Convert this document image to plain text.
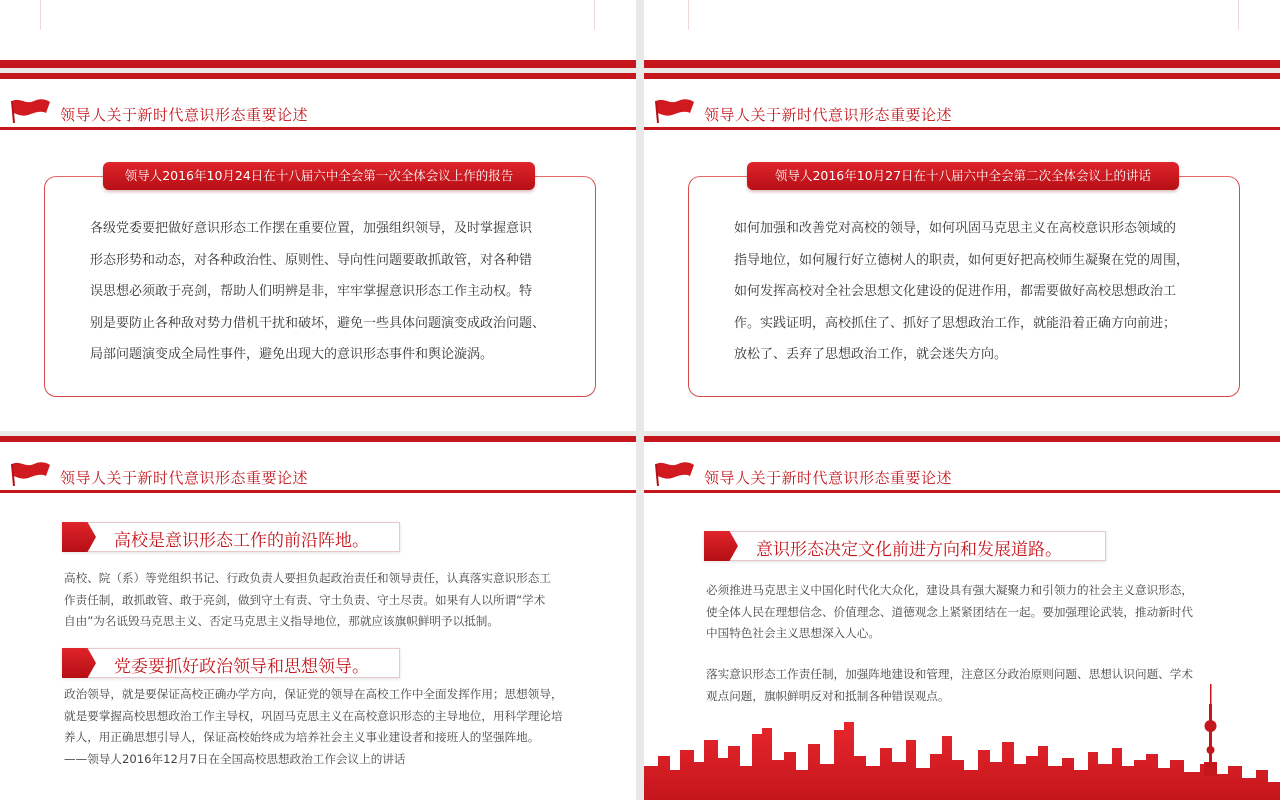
领导人关于新时代意识形态重要论述
领导人2016年10月24日在十八届六中全会第一次全体会议上作的报告
各级党委要把做好意识形态工作摆在重要位置，加强组织领导，及时掌握意识
形态形势和动态，对各种政治性、原则性、导向性问题要敢抓敢管，对各种错
误思想必须敢于亮剑，帮助人们明辨是非，牢牢掌握意识形态工作主动权。特
别是要防止各种敌对势力借机干扰和破坏，避免一些具体问题演变成政治问题、
局部问题演变成全局性事件，避免出现大的意识形态事件和舆论漩涡。
领导人关于新时代意识形态重要论述
领导人2016年10月27日在十八届六中全会第二次全体会议上的讲话
如何加强和改善党对高校的领导，如何巩固马克思主义在高校意识形态领域的
指导地位，如何履行好立德树人的职责，如何更好把高校师生凝聚在党的周围，
如何发挥高校对全社会思想文化建设的促进作用，都需要做好高校思想政治工
作。实践证明，高校抓住了、抓好了思想政治工作，就能沿着正确方向前进；
放松了、丢弃了思想政治工作，就会迷失方向。
领导人关于新时代意识形态重要论述
高校是意识形态工作的前沿阵地。
高校、院（系）等党组织书记、行政负责人要担负起政治责任和领导责任，认真落实意识形态工
作责任制，敢抓敢管、敢于亮剑，做到守土有责、守土负责、守土尽责。如果有人以所谓“学术
自由”为名诋毁马克思主义、否定马克思主义指导地位，那就应该旗帜鲜明予以抵制。
党委要抓好政治领导和思想领导。
政治领导，就是要保证高校正确办学方向，保证党的领导在高校工作中全面发挥作用；思想领导，
就是要掌握高校思想政治工作主导权，巩固马克思主义在高校意识形态的主导地位，用科学理论培
养人，用正确思想引导人，保证高校始终成为培养社会主义事业建设者和接班人的坚强阵地。
——领导人2016年12月7日在全国高校思想政治工作会议上的讲话
领导人关于新时代意识形态重要论述
意识形态决定文化前进方向和发展道路。
必须推进马克思主义中国化时代化大众化，建设具有强大凝聚力和引领力的社会主义意识形态，
使全体人民在理想信念、价值理念、道德观念上紧紧团结在一起。要加强理论武装，推动新时代
中国特色社会主义思想深入人心。
落实意识形态工作责任制，加强阵地建设和管理，注意区分政治原则问题、思想认识问题、学术
观点问题，旗帜鲜明反对和抵制各种错误观点。
